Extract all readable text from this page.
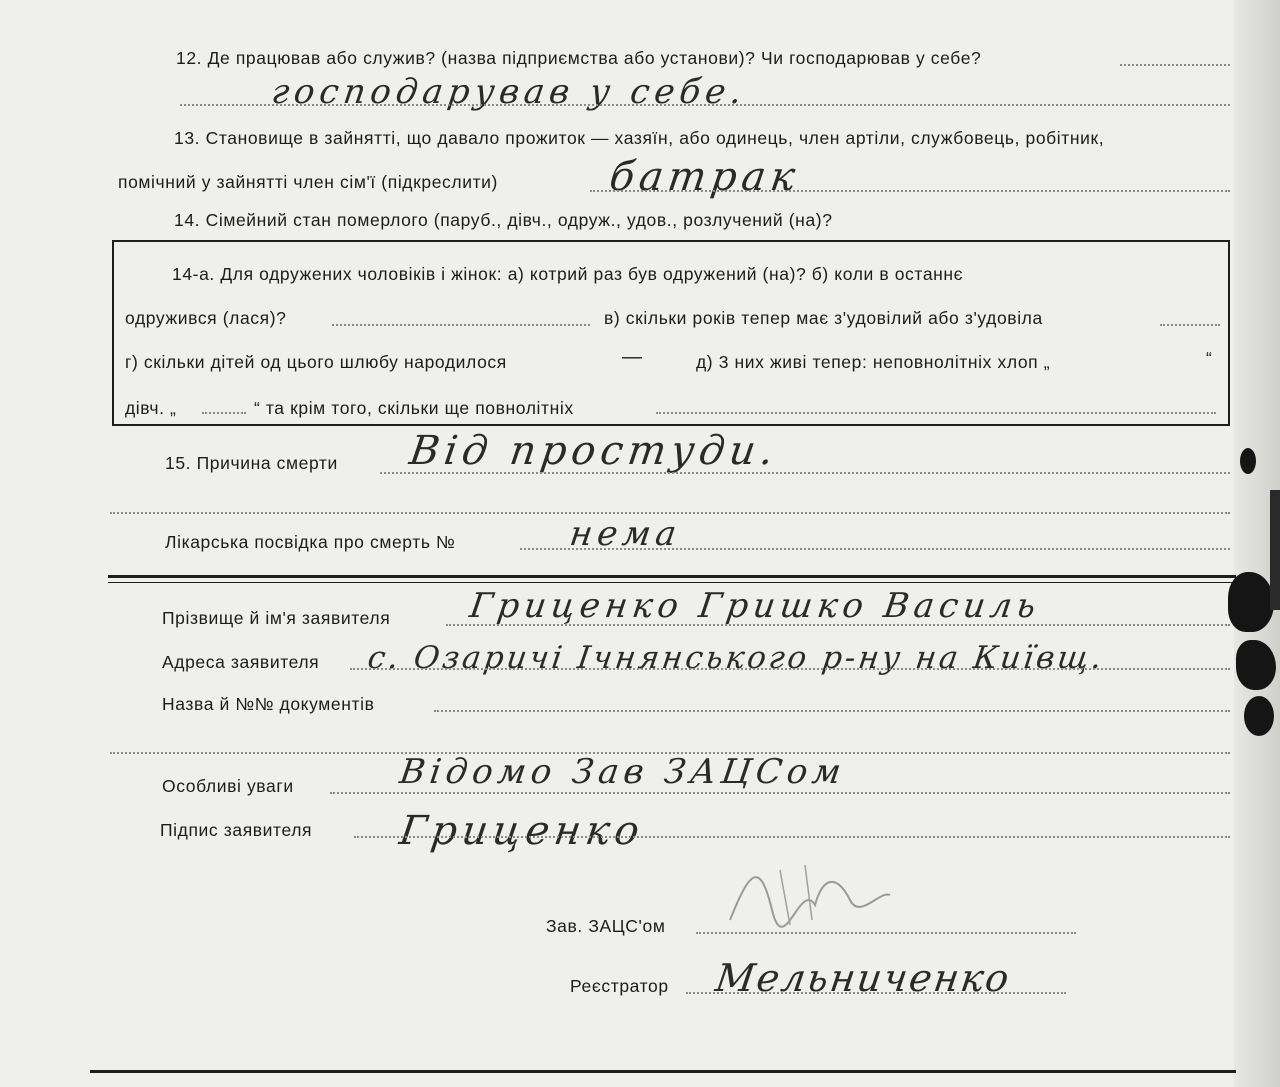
12. Де працював або служив? (назва підприємства або установи)? Чи господарював у себе?
господарував у себе.
13. Становище в зайнятті, що давало прожиток — хазяїн, або одинець, член артіли, службовець, робітник,
помічний у зайнятті член сім'ї (підкреслити)	батрак
14. Сімейний стан померлого (паруб., дівч., одруж., удов., розлучений (на)?
14-а. Для одружених чоловіків і жінок: а) котрий раз був одружений (на)? б) коли в останнє
одружився (лася)?	в) скільки років тепер має з'удовілий або з'удовіла
г) скільки дітей од цього шлюбу народилося	—	д) 3 них живі тепер: неповнолітніх хлоп „	“
дівч. „	“ та крім того, скільки ще повнолітніх
15. Причина смерти Від простуди.
Лікарська посвідка про смерть №	нема
Прізвище й ім'я заявителя Гриценко Гришко Василь
Адреса заявителя с. Озаричі Ічнянського р-ну на Київщ.
Назва й №№ документів
Особливі уваги	Відомо Зав ЗАЦСом
Підпис заявителя Гриценко
Зав. ЗАЦС'ом
Реєстратор Мельниченко
